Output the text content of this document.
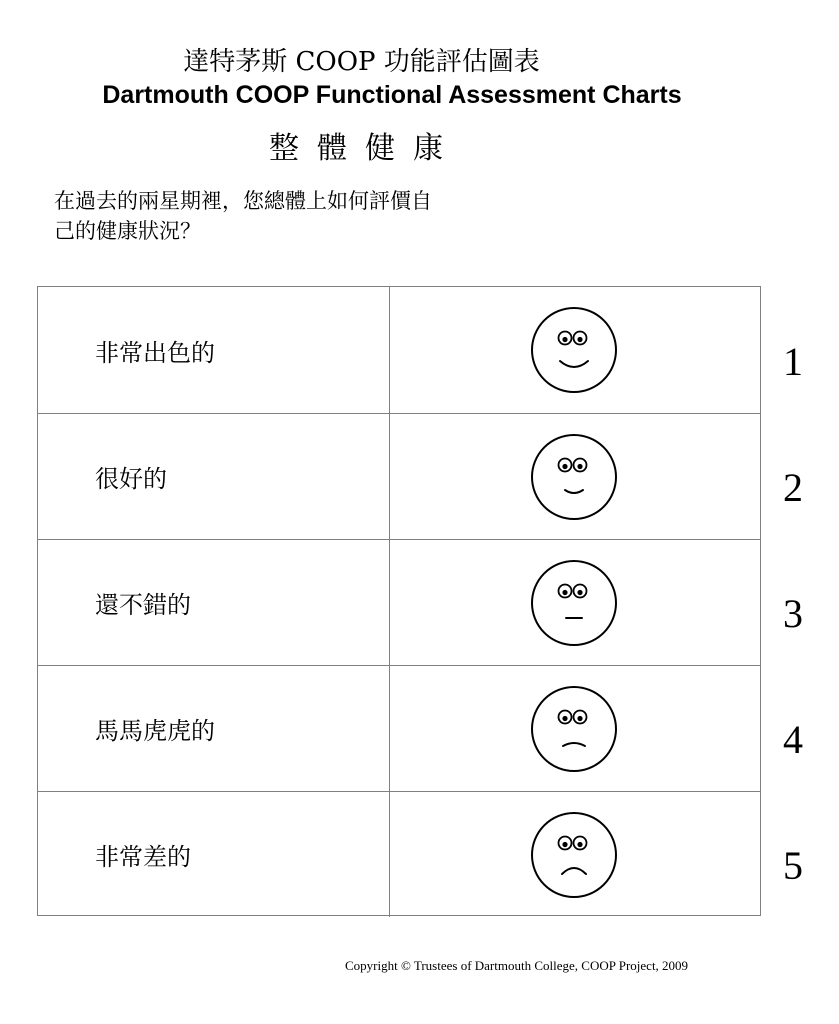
達特茅斯 COOP 功能評估圖表
Dartmouth COOP Functional Assessment Charts
整體健康
在過去的兩星期裡，您總體上如何評價自
己的健康狀況？
非常出色的
很好的
還不錯的
馬馬虎虎的
非常差的
Copyright © Trustees of Dartmouth College, COOP Project, 2009
1
2
3
4
5
